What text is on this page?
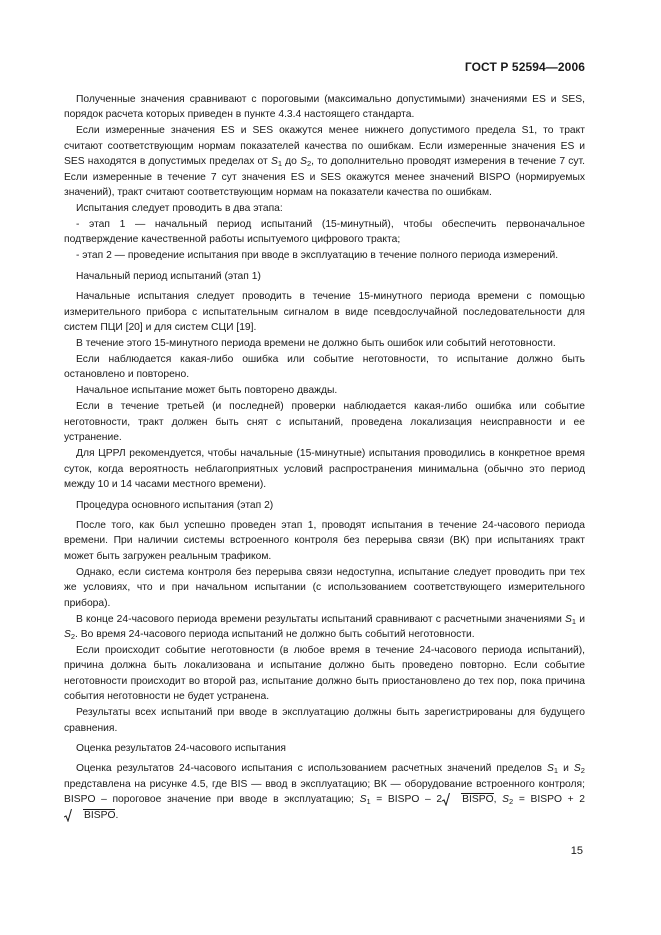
ГОСТ Р 52594—2006

Полученные значения сравнивают с пороговыми (максимально допустимыми) значениями ES и SES, порядок расчета которых приведен в пункте 4.3.4 настоящего стандарта.

Если измеренные значения ES и SES окажутся менее нижнего допустимого предела S1, то тракт считают соответствующим нормам показателей качества по ошибкам. Если измеренные значения ES и SES находятся в допустимых пределах от $S_1$ до $S_2$, то дополнительно проводят измерения в течение 7 сут. Если измеренные в течение 7 сут значения ES и SES окажутся менее значений BISPO (нормируемых значений), тракт считают соответствующим нормам на показатели качества по ошибкам.

Испытания следует проводить в два этапа:

- этап 1 — начальный период испытаний (15-минутный), чтобы обеспечить первоначальное подтверждение качественной работы испытуемого цифрового тракта;

- этап 2 — проведение испытания при вводе в эксплуатацию в течение полного периода измерений.

Начальный период испытаний (этап 1)

Начальные испытания следует проводить в течение 15-минутного периода времени с помощью измерительного прибора с испытательным сигналом в виде псевдослучайной последовательности для систем ПЦИ [20] и для систем СЦИ [19].

В течение этого 15-минутного периода времени не должно быть ошибок или событий неготовности.

Если наблюдается какая-либо ошибка или событие неготовности, то испытание должно быть остановлено и повторено.

Начальное испытание может быть повторено дважды.

Если в течение третьей (и последней) проверки наблюдается какая-либо ошибка или событие неготовности, тракт должен быть снят с испытаний, проведена локализация неисправности и ее устранение.

Для ЦРРЛ рекомендуется, чтобы начальные (15-минутные) испытания проводились в конкретное время суток, когда вероятность неблагоприятных условий распространения минимальна (обычно это период между 10 и 14 часами местного времени).

Процедура основного испытания (этап 2)

После того, как был успешно проведен этап 1, проводят испытания в течение 24-часового периода времени. При наличии системы встроенного контроля без перерыва связи (ВК) при испытаниях тракт может быть загружен реальным трафиком.

Однако, если система контроля без перерыва связи недоступна, испытание следует проводить при тех же условиях, что и при начальном испытании (с использованием соответствующего измерительного прибора).

В конце 24-часового периода времени результаты испытаний сравнивают с расчетными значениями $S_1$ и $S_2$. Во время 24-часового периода испытаний не должно быть событий неготовности.

Если происходит событие неготовности (в любое время в течение 24-часового периода испытаний), причина должна быть локализована и испытание должно быть проведено повторно. Если событие неготовности происходит во второй раз, испытание должно быть приостановлено до тех пор, пока причина события неготовности не будет устранена.

Результаты всех испытаний при вводе в эксплуатацию должны быть зарегистрированы для будущего сравнения.

Оценка результатов 24-часового испытания

Оценка результатов 24-часового испытания с использованием расчетных значений пределов $S_1$ и $S_2$ представлена на рисунке 4.5, где BIS — ввод в эксплуатацию; ВК — оборудование встроенного контроля; BISPO – пороговое значение при вводе в эксплуатацию; $S_1$ = BISPO – 2 BISPO, $S_2$ = BISPO + 2
BISPO.

15
